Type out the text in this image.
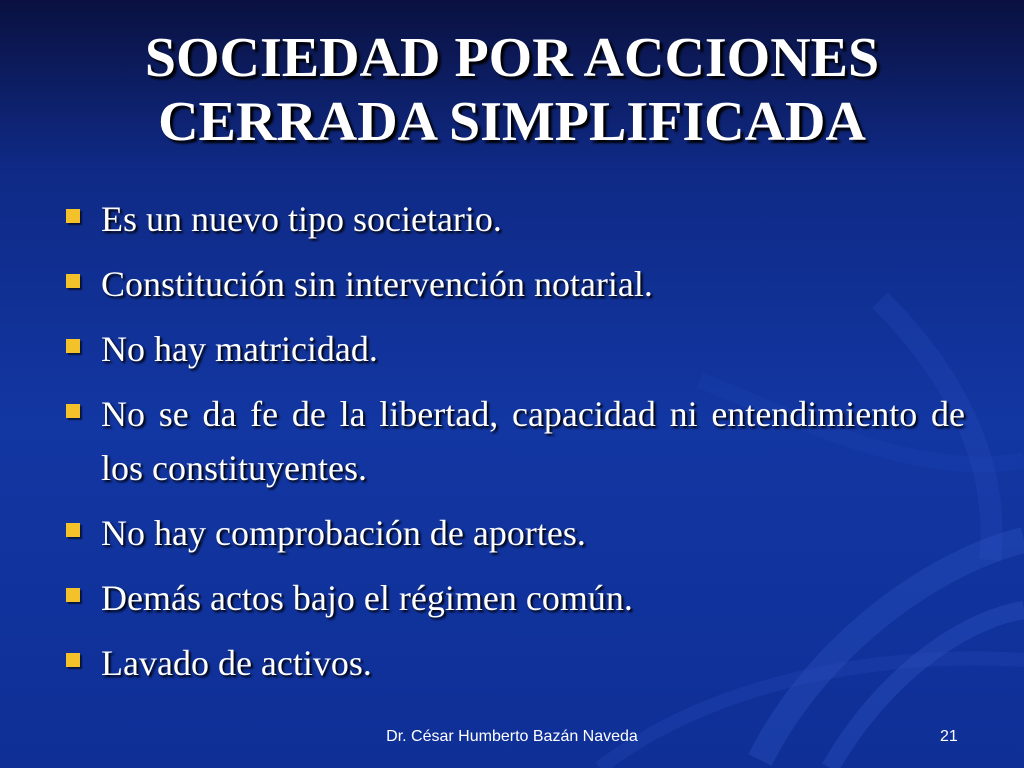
SOCIEDAD POR ACCIONES
CERRADA SIMPLIFICADA
Es un nuevo tipo societario.
Constitución sin intervención notarial.
No hay matricidad.
No se da fe de la libertad, capacidad ni entendimiento de los constituyentes.
No hay comprobación de aportes.
Demás actos bajo el régimen común.
Lavado de activos.
Dr. César Humberto Bazán Naveda	21
